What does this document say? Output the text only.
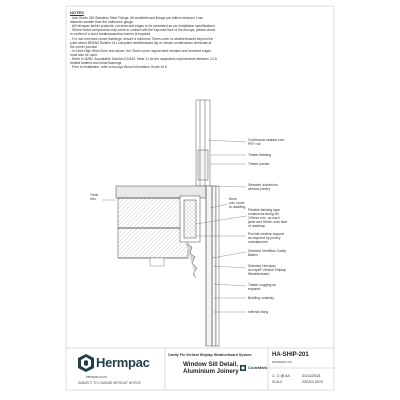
NOTES
- Use Grade 316 Stainless Steel Fixings. All weatherboard fixings pre-drilled minimum 1mm
diameter smaller than the nail/screw gauge
- All Hermpac timber products, cut ends and edges to be presealed as per installation specifications
- Where metal components may come in contact with the exposed face of the Accoya, please check
to confirm if a bond break/separation barrier is required
- For non-hemmed corner flashings, ensure a minimum 75mm cover to weatherboards beyond the
point where BRANZ Bulletin 411 compliant weatherboard lap or rebate combinations terminate at
the corner junction
- In Extra High Wind Zone and above, the 75mm cover requirement remains and hemmed edges
must also be used
- Refer to NZBC Acceptable Solution E2/AS1 Table 21 for the separation requirements between CCA
treated battens and metal flashings
- Prior to installation, refer to Accoya Wood Information Guide v3.6
Continuous sealant over
PEF rod
Timber flashing
Timber packer
Selected aluminium
window joinery
Treat
min.	8mm
min. cover
to cladding
Flexible flashing tape
continuous along sill,
100mm min. up each
jamb and 50mm onto face
of underlay
Provide window support
as required by joinery
manufacturer
Selected Ventiflow Cavity
Batten
Selected Hermpac
Accoya® Vertical Shiplap
Weatherboard
Timber nogging as
required
Building underlay
Internal lining
Hermpac
hermpac.co.nz
SUBJECT TO CHANGE WITHOUT NOTICE
Cavity Fix Vertical Shiplap Weatherboard System
Window Sill Detail,
Aluminium Joinery
CodeMark
HA-SHIP-201
DRAWING NO.
1 : 2 @ A4
SCALE
21/11/2021
ISSUED DATE
